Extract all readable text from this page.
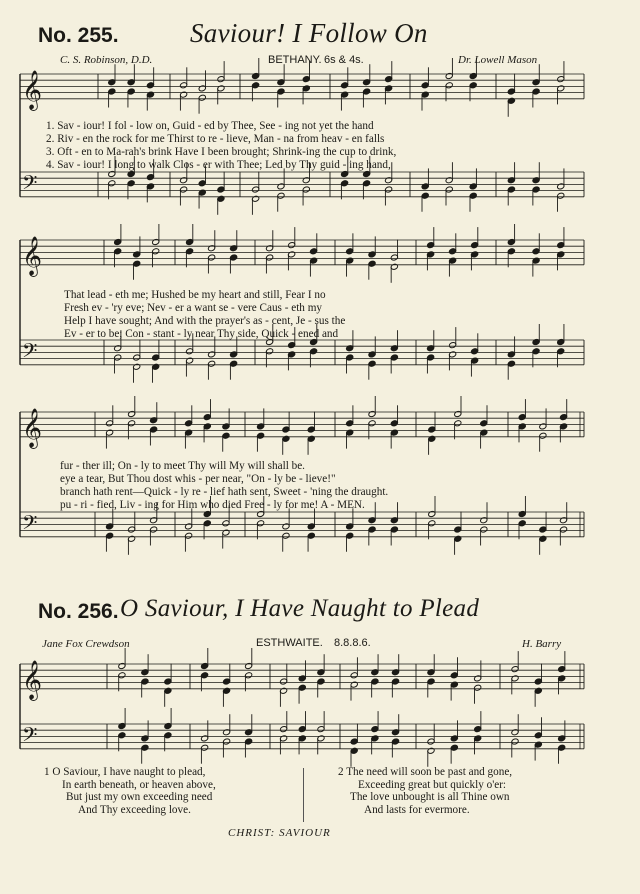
No. 255.	Saviour! I Follow On
C. S. Robinson, D.D.	BETHANY. 6s & 4s.	Dr. Lowell Mason
𝄞
𝄢
𝄞
𝄢
𝄞
𝄢
𝄞
𝄢
1. Sav - iour! I fol - low on, Guid - ed by Thee, See - ing not yet the hand
2. Riv - en the rock for me Thirst to re - lieve, Man - na from heav - en falls
3. Oft - en to Ma-rah's brink Have I been brought; Shrink-ing the cup to drink,
4. Sav - iour! I long to walk Clos - er with Thee; Led by Thy guid - ing hand,
That lead - eth me; Hushed be my heart and still, Fear I no
Fresh ev - 'ry eve; Nev - er a want se - vere Caus - eth my
Help I have sought; And with the prayer's as - cent, Je - sus the
Ev - er to be; Con - stant - ly near Thy side, Quick - ened and
fur - ther ill; On - ly to meet Thy will My will shall be.
eye a tear, But Thou dost whis - per near, "On - ly be - lieve!"
branch hath rent—Quick - ly re - lief hath sent, Sweet - 'ning the draught.
pu - ri - fied, Liv - ing for Him who died Free - ly for me! A - MEN.
No. 256. O Saviour, I Have Naught to Plead
Jane Fox Crewdson	ESTHWAITE. 8.8.8.6.	H. Barry
1 O Saviour, I have naught to plead,
In earth beneath, or heaven above,
But just my own exceeding need
And Thy exceeding love.
2 The need will soon be past and gone,
Exceeding great but quickly o'er:
The love unbought is all Thine own
And lasts for evermore.
CHRIST: SAVIOUR
